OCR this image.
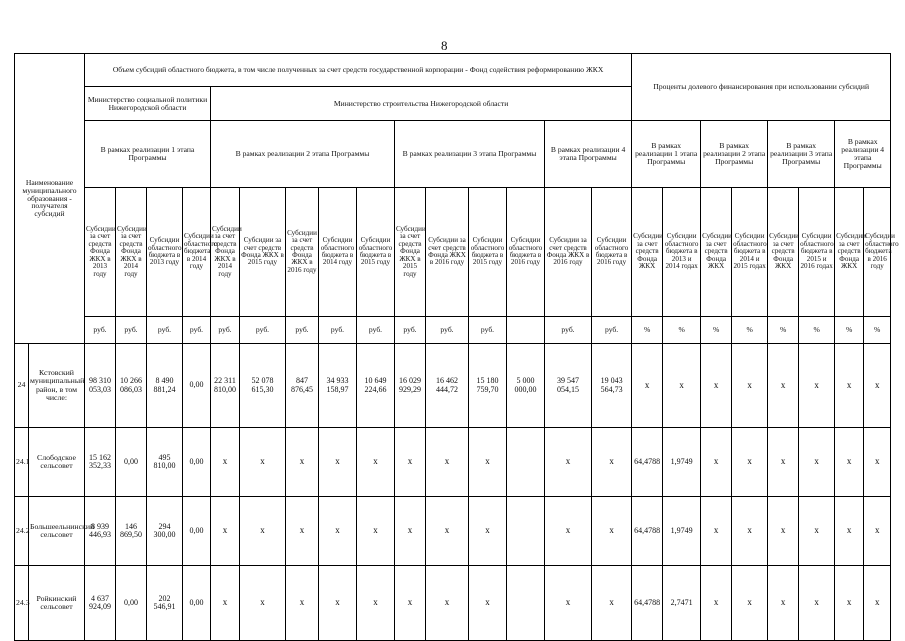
8
Наименование муниципального образования - получателя субсидий		Объем субсидий областного бюджета, в том числе полученных за счет средств государственной корпорации - Фонд содействия реформированию ЖКХ															Проценты долевого финансирования при использовании субсидий							
		Министерство социальной политики Нижегородской области				Министерство строительства Нижегородской области																		
		В рамках реализации 1 этапа Программы				В рамках реализации 2 этапа Программы					В рамках реализации 3 этапа Программы				В рамках реализации 4 этапа Программы		В рамках реализации 1 этапа Программы		В рамках реализации 2 этапа Программы		В рамках реализации 3 этапа Программы		В рамках реализации 4 этапа Программы	
		Субсидии за счет средств Фонда ЖКХ в 2013 году	Субсидии за счет средств Фонда ЖКХ в 2014 году	Субсидии областного бюджета в 2013 году	Субсидии областного бюджета в 2014 году	Субсидии за счет средств Фонда ЖКХ в 2014 году	Субсидии за счет средств Фонда ЖКХ в 2015 году	Субсидии за счет средств Фонда ЖКХ в 2016 году	Субсидии областного бюджета в 2014 году	Субсидии областного бюджета в 2015 году	Субсидии за счет средств Фонда ЖКХ в 2015 году	Субсидии за счет средств Фонда ЖКХ в 2016 году	Субсидии областного бюджета в 2015 году	Субсидии областного бюджета в 2016 году	Субсидии за счет средств Фонда ЖКХ в 2016 году	Субсидии областного бюджета в 2016 году	Субсидии за счет средств Фонда ЖКХ	Субсидии областного бюджета в 2013 и 2014 годах	Субсидии за счет средств Фонда ЖКХ	Субсидии областного бюджета в 2014 и 2015 годах	Субсидии за счет средств Фонда ЖКХ	Субсидии областного бюджета в 2015 и 2016 годах	Субсидии за счет средств Фонда ЖКХ	Субсидии областного бюджета в 2016 году
		руб.	руб.	руб.	руб.	руб.	руб.	руб.	руб.	руб.	руб.	руб.	руб.		руб.	руб.	%	%	%	%	%	%	%	%
24	Кстовский муниципальный район, в том числе:	98 310 053,03	10 266 086,03	8 490 881,24	0,00	22 311 810,00	52 078 615,30	847 876,45	34 933 158,97	10 649 224,66	16 029 929,29	16 462 444,72	15 180 759,70	5 000 000,00	39 547 054,15	19 043 564,73	x	x	x	x	x	x	x	x
24.1	Слободское сельсовет	15 162 352,33	0,00	495 810,00	0,00	x	x	x	x	x	x	x	x		x	x	64,4788	1,9749	x	x	x	x	x	x
24.2	Большеельнинский сельсовет	8 939 446,93	146 869,50	294 300,00	0,00	x	x	x	x	x	x	x	x		x	x	64,4788	1,9749	x	x	x	x	x	x
24.3	Ройкинский сельсовет	4 637 924,09	0,00	202 546,91	0,00	x	x	x	x	x	x	x	x		x	x	64,4788	2,7471	x	x	x	x	x	x
